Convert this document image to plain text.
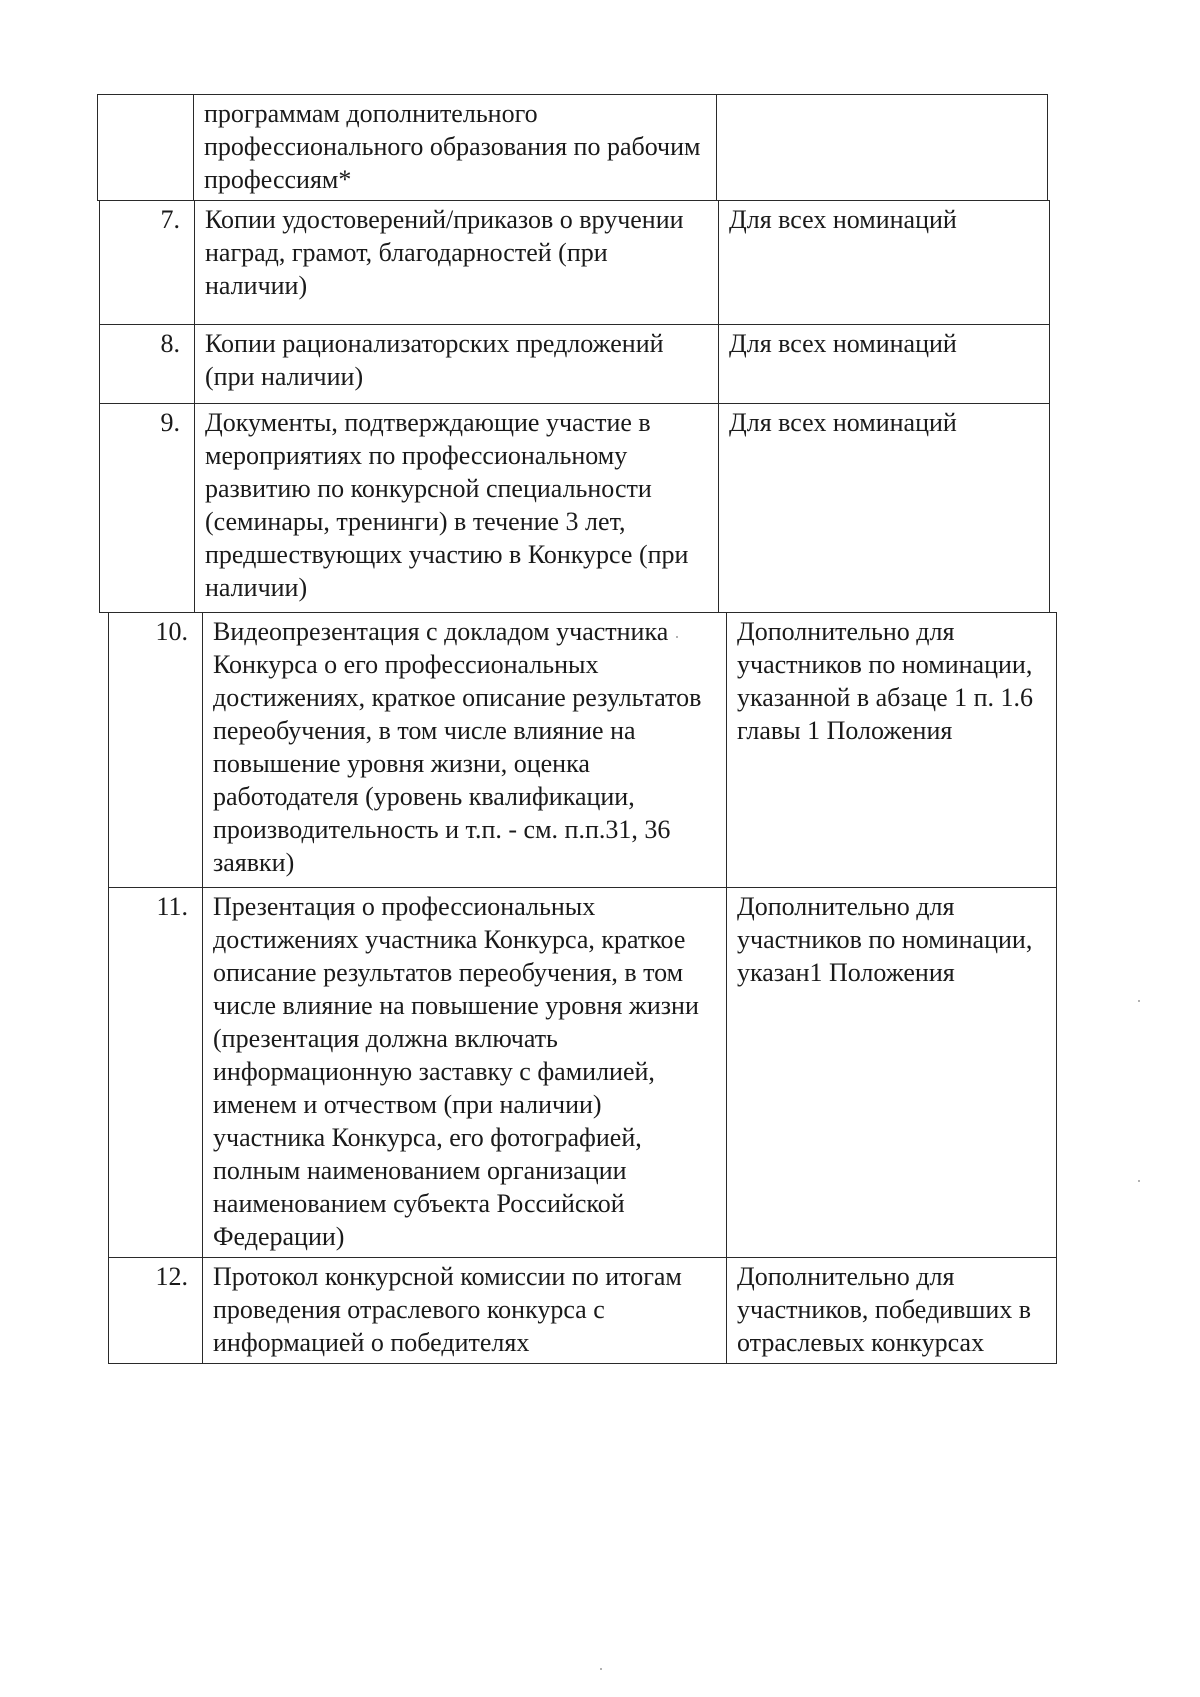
программам дополнительного профессионального образования по рабочим профессиям*

7.	Копии удостоверений/приказов о вручении наград, грамот, благодарностей (при наличии)	Для всех номинаций

8.	Копии рационализаторских предложений (при наличии)	Для всех номинаций

9.	Документы, подтверждающие участие в мероприятиях по профессиональному развитию по конкурсной специальности (семинары, тренинги) в течение 3 лет, предшествующих участию в Конкурсе (при наличии)	Для всех номинаций
10.	Видеопрезентация с докладом участника Конкурса о его профессиональных достижениях, краткое описание результатов переобучения, в том числе влияние на повышение уровня жизни, оценка работодателя (уровень квалификации, производительность и т.п. - см. п.п.31, 36 заявки)	Дополнительно для участников по номинации, указанной в абзаце 1 п. 1.6 главы 1 Положения

11.	Презентация о профессиональных достижениях участника Конкурса, краткое описание результатов переобучения, в том числе влияние на повышение уровня жизни (презентация должна включать информационную заставку с фамилией, именем и отчеством (при наличии) участника Конкурса, его фотографией, полным наименованием организации наименованием субъекта Российской Федерации)	Дополнительно для участников по номинации, указан1 Положения

12.	Протокол конкурсной комиссии по итогам проведения отраслевого конкурса с информацией о победителях	Дополнительно для участников, победивших в отраслевых конкурсах
